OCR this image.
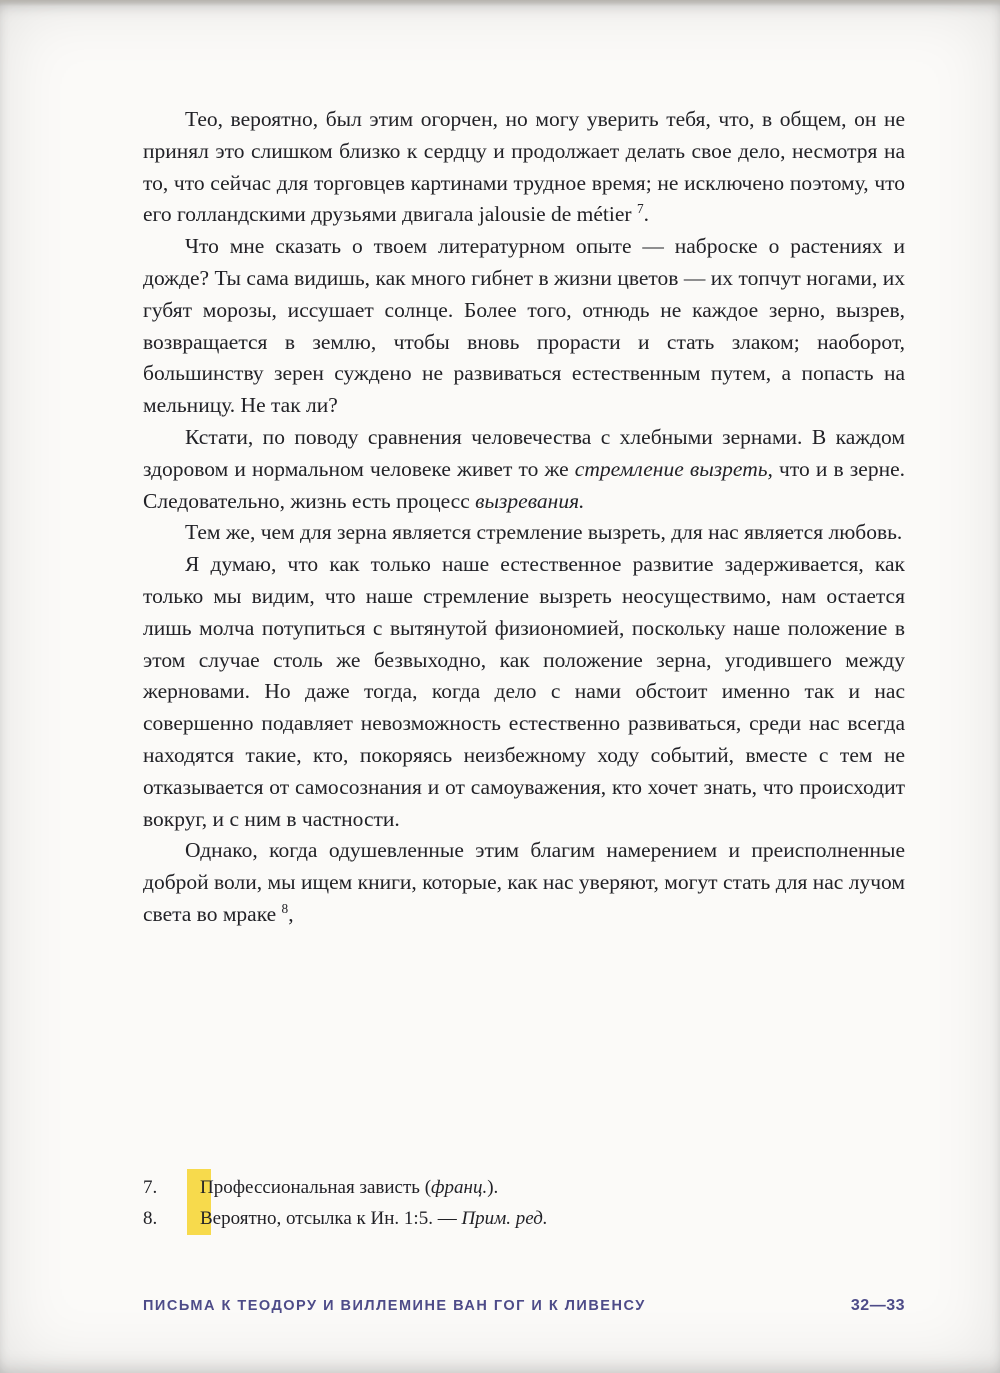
Тео, вероятно, был этим огорчен, но могу уверить тебя, что, в общем, он не принял это слишком близко к сердцу и продолжает делать свое дело, несмотря на то, что сейчас для торговцев картинами трудное время; не исключено поэтому, что его голландскими друзьями двигала jalousie de métier $^7$.

Что мне сказать о твоем литературном опыте — наброске о растениях и дожде? Ты сама видишь, как много гибнет в жизни цветов — их топчут ногами, их губят морозы, иссушает солнце. Более того, отнюдь не каждое зерно, вызрев, возвращается в землю, чтобы вновь прорасти и стать злаком; наоборот, большинству зерен суждено не развиваться естественным путем, а попасть на мельницу. Не так ли?

Кстати, по поводу сравнения человечества с хлебными зернами. В каждом здоровом и нормальном человеке живет то же стремление вызреть, что и в зерне. Следовательно, жизнь есть процесс вызревания.

Тем же, чем для зерна является стремление вызреть, для нас является любовь.

Я думаю, что как только наше естественное развитие задерживается, как только мы видим, что наше стремление вызреть неосуществимо, нам остается лишь молча потупиться с вытянутой физиономией, поскольку наше положение в этом случае столь же безвыходно, как положение зерна, угодившего между жерновами. Но даже тогда, когда дело с нами обстоит именно так и нас совершенно подавляет невозможность естественно развиваться, среди нас всегда находятся такие, кто, покоряясь неизбежному ходу событий, вместе с тем не отказывается от самосознания и от самоуважения, кто хочет знать, что происходит вокруг, и с ним в частности.

Однако, когда одушевленные этим благим намерением и преисполненные доброй воли, мы ищем книги, которые, как нас уверяют, могут стать для нас лучом света во мраке $^8$,

7.	Профессиональная зависть (франц.).
8.	Вероятно, отсылка к Ин. 1:5. — Прим. ред.
ПИСЬМА К ТЕОДОРУ И ВИЛЛЕМИНЕ ВАН ГОГ И К ЛИВЕНСУ	32—33
